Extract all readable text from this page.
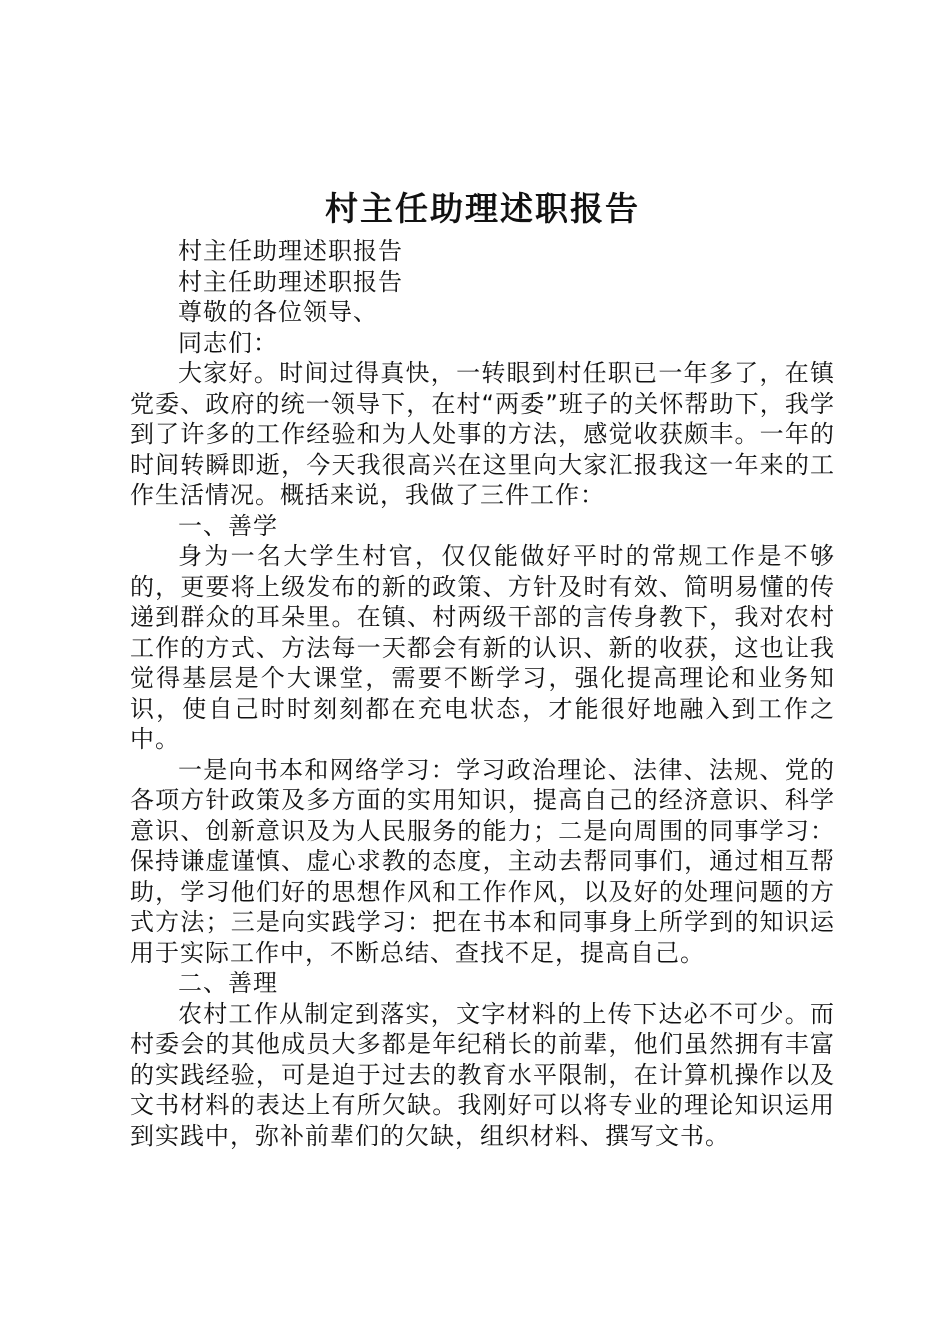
村主任助理述职报告

村主任助理述职报告

村主任助理述职报告

尊敬的各位领导、

同志们：

大家好。时间过得真快，一转眼到村任职已一年多了，在镇党委、政府的统一领导下，在村“两委”班子的关怀帮助下，我学到了许多的工作经验和为人处事的方法，感觉收获颇丰。一年的时间转瞬即逝，今天我很高兴在这里向大家汇报我这一年来的工作生活情况。概括来说，我做了三件工作：

一、善学

身为一名大学生村官，仅仅能做好平时的常规工作是不够的，更要将上级发布的新的政策、方针及时有效、简明易懂的传递到群众的耳朵里。在镇、村两级干部的言传身教下，我对农村工作的方式、方法每一天都会有新的认识、新的收获，这也让我觉得基层是个大课堂，需要不断学习，强化提高理论和业务知识，使自己时时刻刻都在充电状态，才能很好地融入到工作之中。

一是向书本和网络学习：学习政治理论、法律、法规、党的各项方针政策及多方面的实用知识，提高自己的经济意识、科学意识、创新意识及为人民服务的能力；二是向周围的同事学习：保持谦虚谨慎、虚心求教的态度，主动去帮同事们，通过相互帮助，学习他们好的思想作风和工作作风，以及好的处理问题的方式方法；三是向实践学习：把在书本和同事身上所学到的知识运用于实际工作中，不断总结、查找不足，提高自己。

二、善理

农村工作从制定到落实，文字材料的上传下达必不可少。而村委会的其他成员大多都是年纪稍长的前辈，他们虽然拥有丰富的实践经验，可是迫于过去的教育水平限制，在计算机操作以及文书材料的表达上有所欠缺。我刚好可以将专业的理论知识运用到实践中，弥补前辈们的欠缺，组织材料、撰写文书。
